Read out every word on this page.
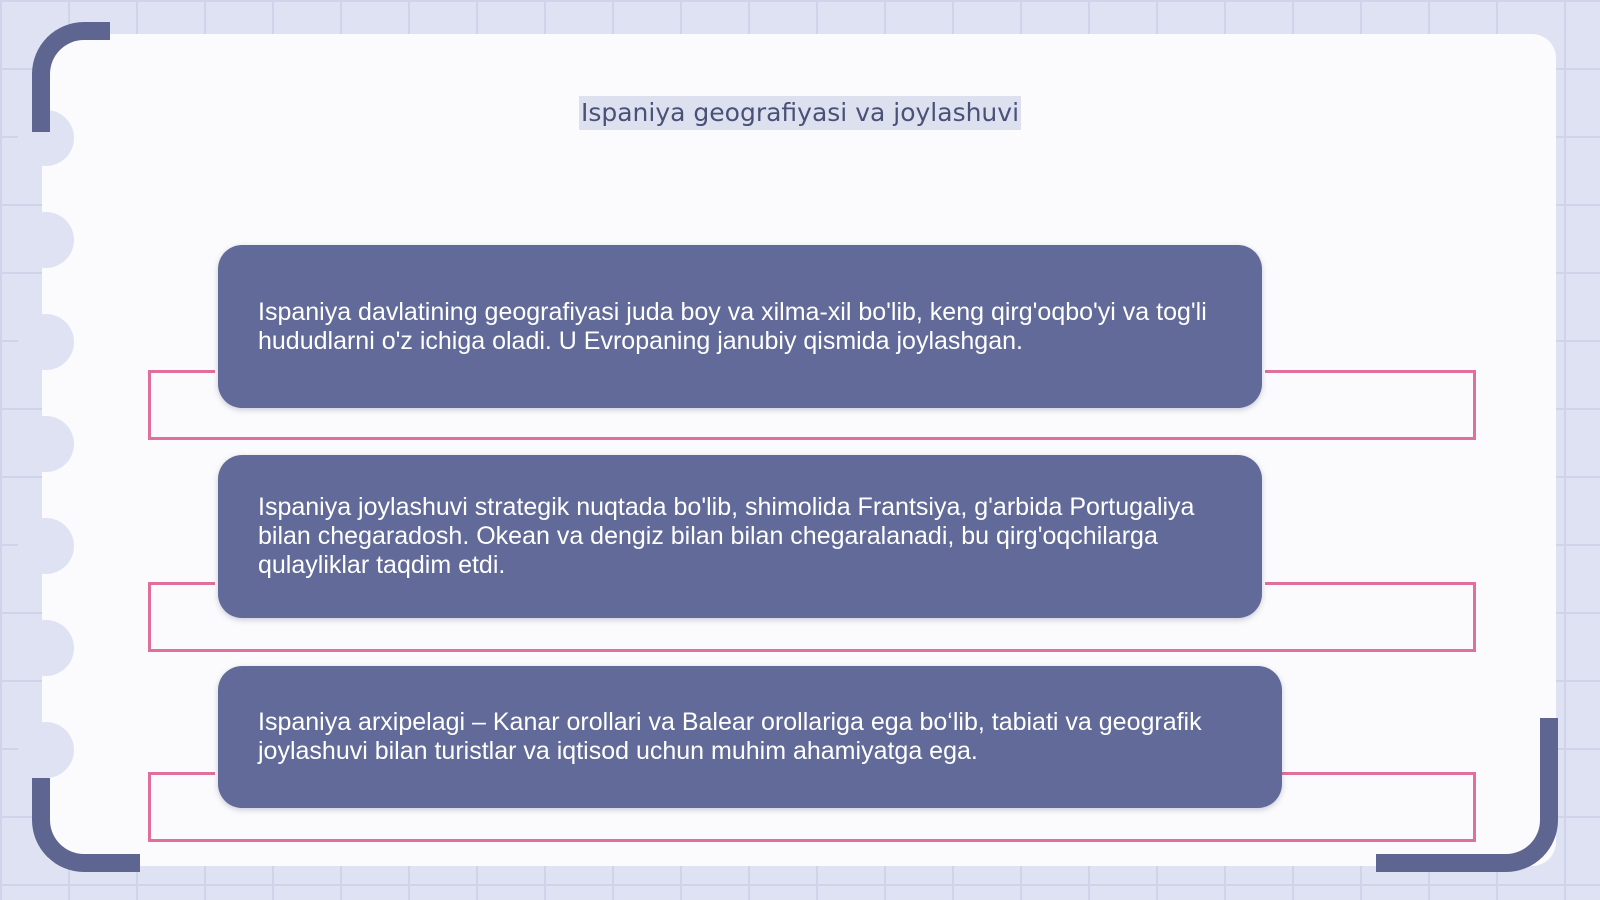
Ispaniya geografiyasi va joylashuvi

Ispaniya davlatining geografiyasi juda boy va xilma-xil bo'lib, keng qirg'oqbo'yi va tog'li hududlarni o'z ichiga oladi. U Evropaning janubiy qismida joylashgan.

Ispaniya joylashuvi strategik nuqtada bo'lib, shimolida Frantsiya, g'arbida Portugaliya bilan chegaradosh. Okean va dengiz bilan bilan chegaralanadi, bu qirg'oqchilarga qulayliklar taqdim etdi.

Ispaniya arxipelagi – Kanar orollari va Balear orollariga ega bo‘lib, tabiati va geografik joylashuvi bilan turistlar va iqtisod uchun muhim ahamiyatga ega.
